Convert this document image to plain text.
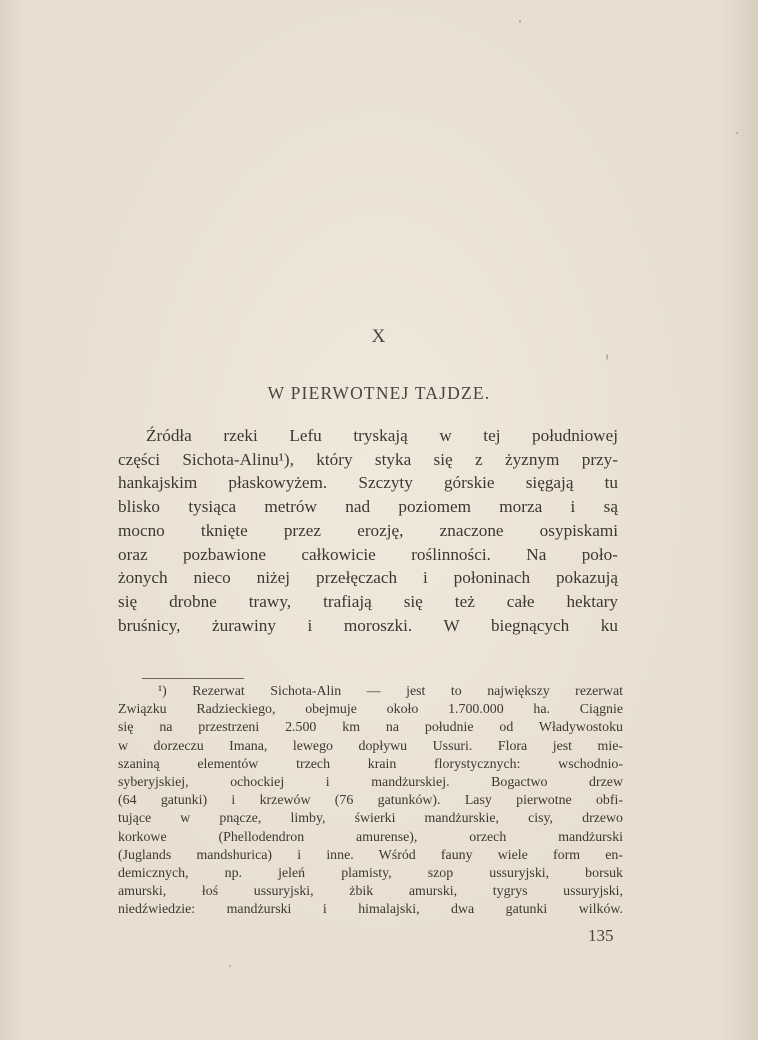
X
W PIERWOTNEJ TAJDZE.
Źródła rzeki Lefu tryskają w tej południowej
części Sichota-Alinu¹), który styka się z żyznym przy-
hankajskim płaskowyżem. Szczyty górskie sięgają tu
blisko tysiąca metrów nad poziomem morza i są
mocno tknięte przez erozję, znaczone osypiskami
oraz pozbawione całkowicie roślinności. Na poło-
żonych nieco niżej przełęczach i połoninach pokazują
się drobne trawy, trafiają się też całe hektary
bruśnicy, żurawiny i moroszki. W biegnących ku
¹) Rezerwat Sichota-Alin — jest to największy rezerwat
Związku Radzieckiego, obejmuje około 1.700.000 ha. Ciągnie
się na przestrzeni 2.500 km na południe od Władywostoku
w dorzeczu Imana, lewego dopływu Ussuri. Flora jest mie-
szaniną elementów trzech krain florystycznych: wschodnio-
syberyjskiej, ochockiej i mandżurskiej. Bogactwo drzew
(64 gatunki) i krzewów (76 gatunków). Lasy pierwotne obfi-
tujące w pnącze, limby, świerki mandżurskie, cisy, drzewo
korkowe (Phellodendron amurense), orzech mandżurski
(Juglands mandshurica) i inne. Wśród fauny wiele form en-
demicznych, np. jeleń plamisty, szop ussuryjski, borsuk
amurski, łoś ussuryjski, żbik amurski, tygrys ussuryjski,
niedźwiedzie: mandżurski i himalajski, dwa gatunki wilków.
135
